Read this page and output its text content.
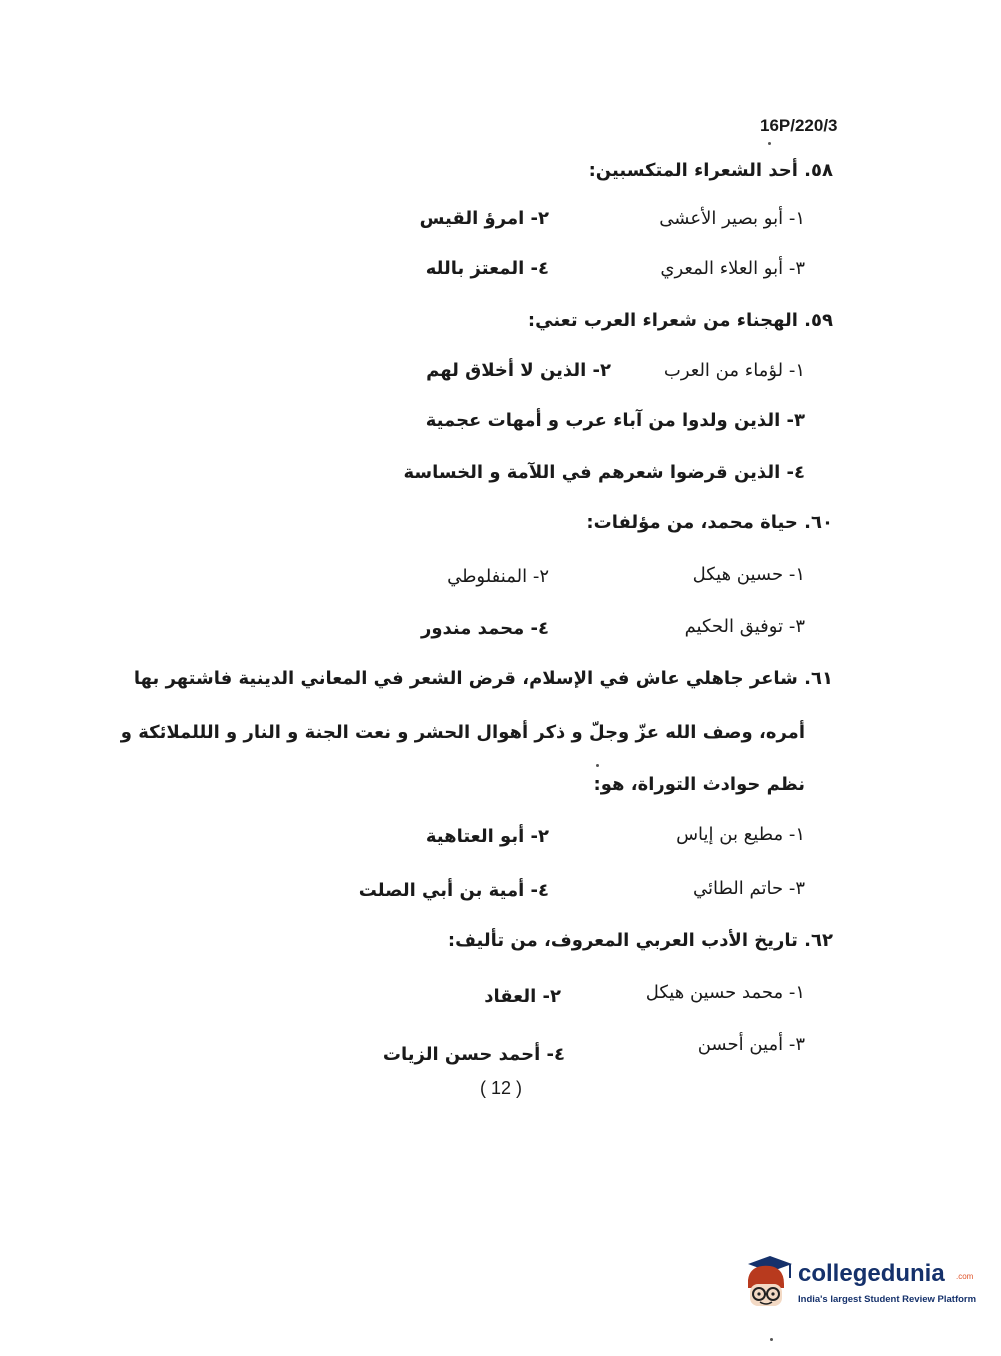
16P/220/3
٥٨. أحد الشعراء المتكسبين:
١- أبو بصير الأعشى
٢- امرؤ القيس
٣- أبو العلاء المعري
٤- المعتز بالله
٥٩. الهجناء من شعراء العرب تعني:
١- لؤماء من العرب
٢- الذين لا أخلاق لهم
٣- الذين ولدوا من آباء عرب و أمهات عجمية
٤- الذين قرضوا شعرهم في اللآمة و الخساسة
٦٠. حياة محمد، من مؤلفات:
١- حسين هيكل
٢- المنفلوطي
٣- توفيق الحكيم
٤- محمد مندور
٦١. شاعر جاهلي عاش في الإسلام، قرض الشعر في المعاني الدينية فاشتهر بها
أمره، وصف الله عزّ وجلّ و ذكر أهوال الحشر و نعت الجنة و النار و الللملائكة و
نظم حوادث التوراة، هو:
١- مطيع بن إياس
٢- أبو العتاهية
٣- حاتم الطائي
٤- أمية بن أبي الصلت
٦٢. تاريخ الأدب العربي المعروف، من تأليف:
١- محمد حسين هيكل
٢- العقاد
٣- أمين أحسن
٤- أحمد حسن الزيات
( 12 )
collegedunia .com
India's largest Student Review Platform
